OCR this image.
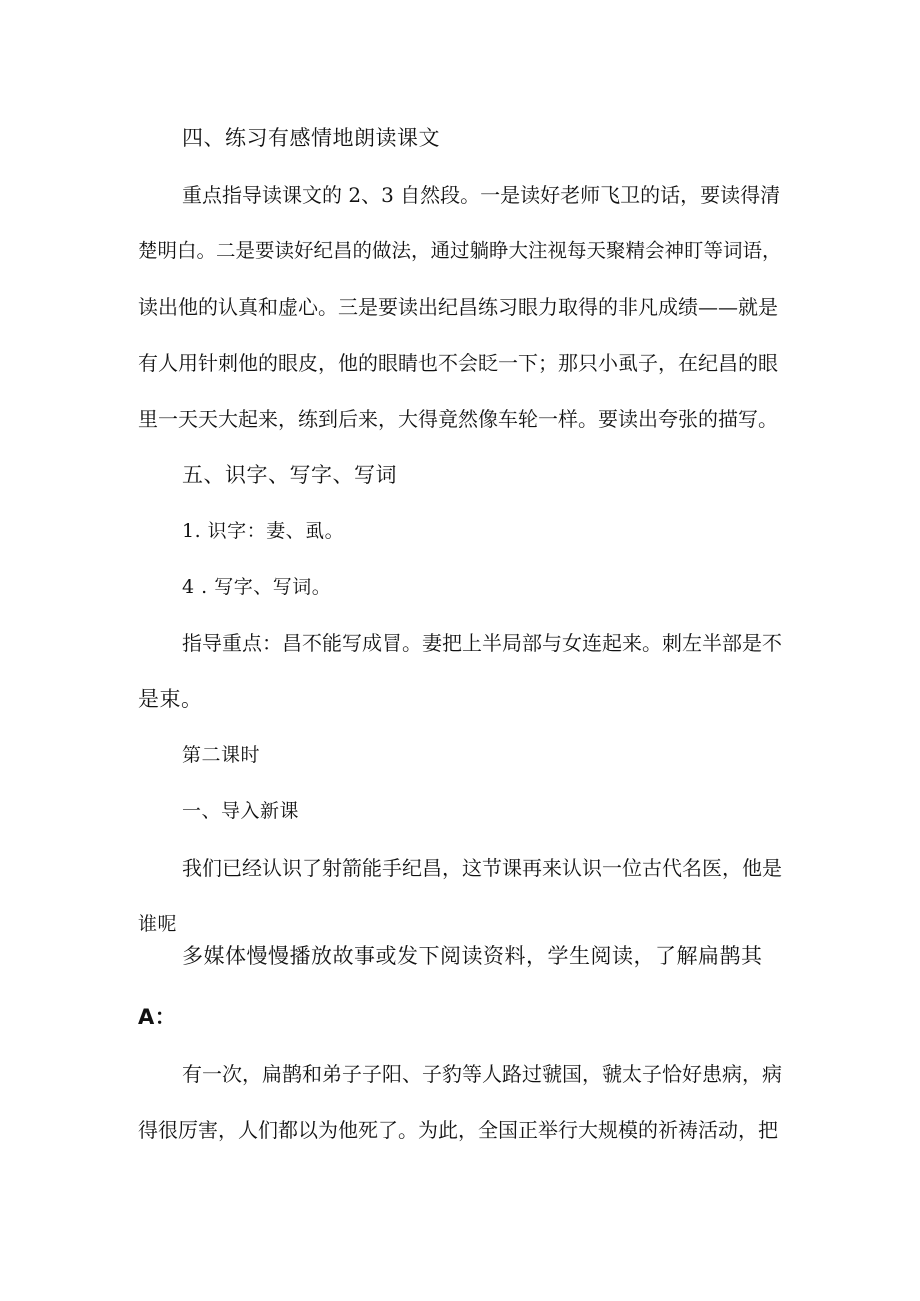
四、练习有感情地朗读课文
重点指导读课文的 2、3 自然段。一是读好老师飞卫的话，要读得清
楚明白。二是要读好纪昌的做法，通过躺睁大注视每天聚精会神盯等词语，
读出他的认真和虚心。三是要读出纪昌练习眼力取得的非凡成绩——就是
有人用针刺他的眼皮，他的眼睛也不会眨一下；那只小虱子，在纪昌的眼
里一天天大起来，练到后来，大得竟然像车轮一样。要读出夸张的描写。
五、识字、写字、写词
1. 识字：妻、虱。
4 . 写字、写词。
指导重点：昌不能写成冒。妻把上半局部与女连起来。刺左半部是不
是束。
第二课时
一、导入新课
我们已经认识了射箭能手纪昌，这节课再来认识一位古代名医，他是
谁呢
多媒体慢慢播放故事或发下阅读资料，学生阅读，了解扁鹊其
A：
有一次，扁鹊和弟子子阳、子豹等人路过虢国，虢太子恰好患病，病
得很厉害，人们都以为他死了。为此，全国正举行大规模的祈祷活动，把
